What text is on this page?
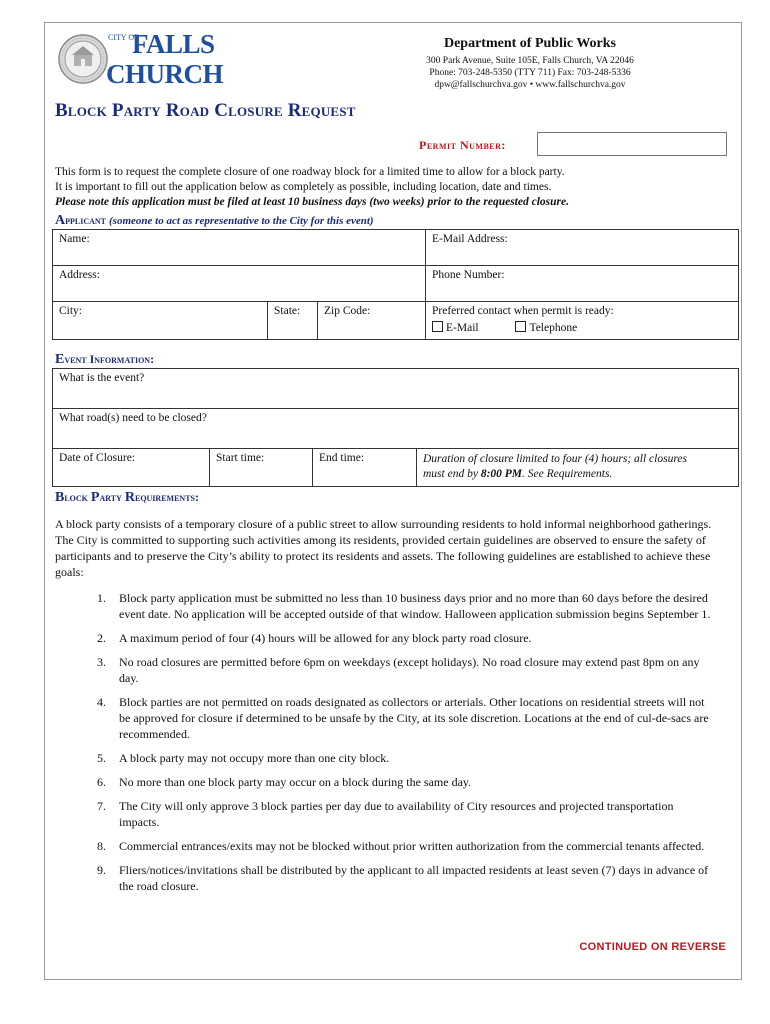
CITY OF
FALLS
CHURCH
Department of Public Works
300 Park Avenue, Suite 105E, Falls Church, VA 22046
Phone: 703-248-5350 (TTY 711) Fax: 703-248-5336
dpw@fallschurchva.gov • www.fallschurchva.gov
Block Party Road Closure Request
Permit Number:
This form is to request the complete closure of one roadway block for a limited time to allow for a block party.
It is important to fill out the application below as completely as possible, including location, date and times.
Please note this application must be filed at least 10 business days (two weeks) prior to the requested closure.
Applicant (someone to act as representative to the City for this event)
Name:			E-Mail Address:
Address:			Phone Number:
City:	State:	Zip Code:	Preferred contact when permit is ready:
E-Mail Telephone
Event Information:
What is the event?
What road(s) need to be closed?
Date of Closure:	Start time:	End time:	Duration of closure limited to four (4) hours; all closures
must end by 8:00 PM. See Requirements.
Block Party Requirements:
A block party consists of a temporary closure of a public street to allow surrounding residents to hold informal neighborhood gatherings. The City is committed to supporting such activities among its residents, provided certain guidelines are observed to ensure the safety of participants and to preserve the City’s ability to protect its residents and assets. The following guidelines are established to achieve these goals:
1. Block party application must be submitted no less than 10 business days prior and no more than 60 days before the desired event date. No application will be accepted outside of that window. Halloween application submission begins September 1.
2. A maximum period of four (4) hours will be allowed for any block party road closure.
3. No road closures are permitted before 6pm on weekdays (except holidays). No road closure may extend past 8pm on any day.
4. Block parties are not permitted on roads designated as collectors or arterials. Other locations on residential streets will not be approved for closure if determined to be unsafe by the City, at its sole discretion. Locations at the end of cul-de-sacs are recommended.
5. A block party may not occupy more than one city block.
6. No more than one block party may occur on a block during the same day.
7. The City will only approve 3 block parties per day due to availability of City resources and projected transportation impacts.
8. Commercial entrances/exits may not be blocked without prior written authorization from the commercial tenants affected.
9. Fliers/notices/invitations shall be distributed by the applicant to all impacted residents at least seven (7) days in advance of the road closure.
CONTINUED ON REVERSE
